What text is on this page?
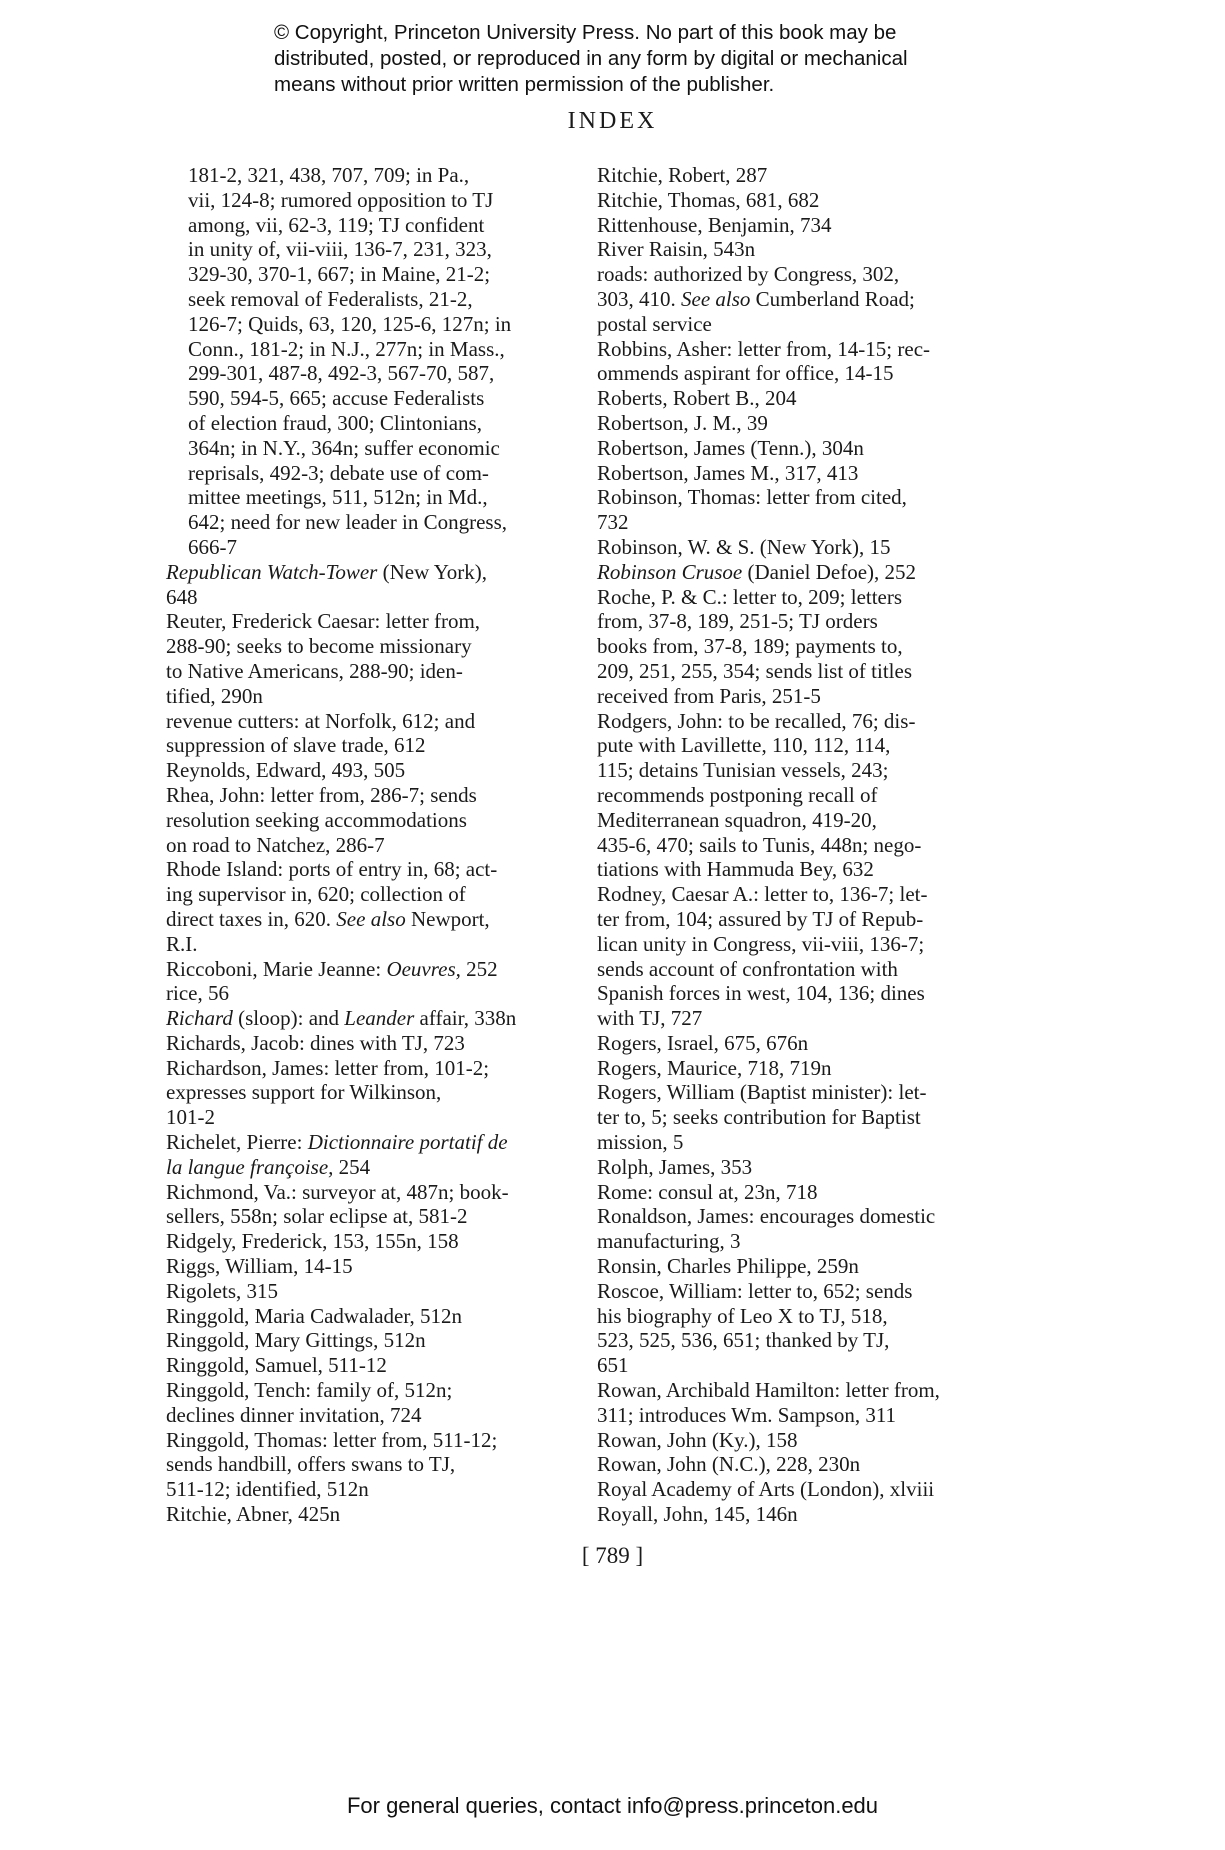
© Copyright, Princeton University Press. No part of this book may be
distributed, posted, or reproduced in any form by digital or mechanical
means without prior written permission of the publisher.
INDEX
181-2, 321, 438, 707, 709; in Pa.,
vii, 124-8; rumored opposition to TJ
among, vii, 62-3, 119; TJ confident
in unity of, vii-viii, 136-7, 231, 323,
329-30, 370-1, 667; in Maine, 21-2;
seek removal of Federalists, 21-2,
126-7; Quids, 63, 120, 125-6, 127n; in
Conn., 181-2; in N.J., 277n; in Mass.,
299-301, 487-8, 492-3, 567-70, 587,
590, 594-5, 665; accuse Federalists
of election fraud, 300; Clintonians,
364n; in N.Y., 364n; suffer economic
reprisals, 492-3; debate use of com-
mittee meetings, 511, 512n; in Md.,
642; need for new leader in Congress,
666-7
Republican Watch-Tower (New York),
648
Reuter, Frederick Caesar: letter from,
288-90; seeks to become missionary
to Native Americans, 288-90; iden-
tified, 290n
revenue cutters: at Norfolk, 612; and
suppression of slave trade, 612
Reynolds, Edward, 493, 505
Rhea, John: letter from, 286-7; sends
resolution seeking accommodations
on road to Natchez, 286-7
Rhode Island: ports of entry in, 68; act-
ing supervisor in, 620; collection of
direct taxes in, 620. See also Newport,
R.I.
Riccoboni, Marie Jeanne: Oeuvres, 252
rice, 56
Richard (sloop): and Leander affair, 338n
Richards, Jacob: dines with TJ, 723
Richardson, James: letter from, 101-2;
expresses support for Wilkinson,
101-2
Richelet, Pierre: Dictionnaire portatif de
la langue françoise, 254
Richmond, Va.: surveyor at, 487n; book-
sellers, 558n; solar eclipse at, 581-2
Ridgely, Frederick, 153, 155n, 158
Riggs, William, 14-15
Rigolets, 315
Ringgold, Maria Cadwalader, 512n
Ringgold, Mary Gittings, 512n
Ringgold, Samuel, 511-12
Ringgold, Tench: family of, 512n;
declines dinner invitation, 724
Ringgold, Thomas: letter from, 511-12;
sends handbill, offers swans to TJ,
511-12; identified, 512n
Ritchie, Abner, 425n
Ritchie, Robert, 287
Ritchie, Thomas, 681, 682
Rittenhouse, Benjamin, 734
River Raisin, 543n
roads: authorized by Congress, 302,
303, 410. See also Cumberland Road;
postal service
Robbins, Asher: letter from, 14-15; rec-
ommends aspirant for office, 14-15
Roberts, Robert B., 204
Robertson, J. M., 39
Robertson, James (Tenn.), 304n
Robertson, James M., 317, 413
Robinson, Thomas: letter from cited,
732
Robinson, W. & S. (New York), 15
Robinson Crusoe (Daniel Defoe), 252
Roche, P. & C.: letter to, 209; letters
from, 37-8, 189, 251-5; TJ orders
books from, 37-8, 189; payments to,
209, 251, 255, 354; sends list of titles
received from Paris, 251-5
Rodgers, John: to be recalled, 76; dis-
pute with Lavillette, 110, 112, 114,
115; detains Tunisian vessels, 243;
recommends postponing recall of
Mediterranean squadron, 419-20,
435-6, 470; sails to Tunis, 448n; nego-
tiations with Hammuda Bey, 632
Rodney, Caesar A.: letter to, 136-7; let-
ter from, 104; assured by TJ of Repub-
lican unity in Congress, vii-viii, 136-7;
sends account of confrontation with
Spanish forces in west, 104, 136; dines
with TJ, 727
Rogers, Israel, 675, 676n
Rogers, Maurice, 718, 719n
Rogers, William (Baptist minister): let-
ter to, 5; seeks contribution for Baptist
mission, 5
Rolph, James, 353
Rome: consul at, 23n, 718
Ronaldson, James: encourages domestic
manufacturing, 3
Ronsin, Charles Philippe, 259n
Roscoe, William: letter to, 652; sends
his biography of Leo X to TJ, 518,
523, 525, 536, 651; thanked by TJ,
651
Rowan, Archibald Hamilton: letter from,
311; introduces Wm. Sampson, 311
Rowan, John (Ky.), 158
Rowan, John (N.C.), 228, 230n
Royal Academy of Arts (London), xlviii
Royall, John, 145, 146n
[ 789 ]
For general queries, contact info@press.princeton.edu
